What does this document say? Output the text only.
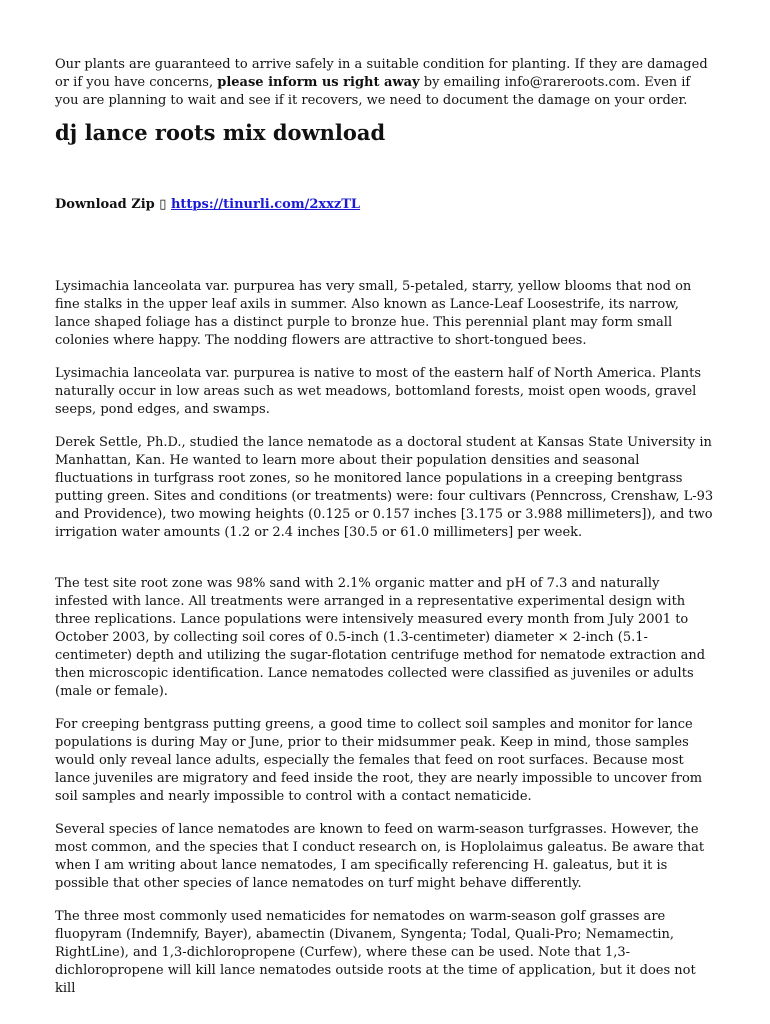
Our plants are guaranteed to arrive safely in a suitable condition for planting. If they are damaged or if you have concerns, please inform us right away by emailing info@rareroots.com. Even if you are planning to wait and see if it recovers, we need to document the damage on your order.

dj lance roots mix download
Download Zip ▯ https://tinurli.com/2xxzTL

Lysimachia lanceolata var. purpurea has very small, 5-petaled, starry, yellow blooms that nod on fine stalks in the upper leaf axils in summer. Also known as Lance-Leaf Loosestrife, its narrow, lance shaped foliage has a distinct purple to bronze hue. This perennial plant may form small colonies where happy. The nodding flowers are attractive to short-tongued bees.

Lysimachia lanceolata var. purpurea is native to most of the eastern half of North America. Plants naturally occur in low areas such as wet meadows, bottomland forests, moist open woods, gravel seeps, pond edges, and swamps.

Derek Settle, Ph.D., studied the lance nematode as a doctoral student at Kansas State University in Manhattan, Kan. He wanted to learn more about their population densities and seasonal fluctuations in turfgrass root zones, so he monitored lance populations in a creeping bentgrass putting green. Sites and conditions (or treatments) were: four cultivars (Penncross, Crenshaw, L-93 and Providence), two mowing heights (0.125 or 0.157 inches [3.175 or 3.988 millimeters]), and two irrigation water amounts (1.2 or 2.4 inches [30.5 or 61.0 millimeters] per week.

The test site root zone was 98% sand with 2.1% organic matter and pH of 7.3 and naturally infested with lance. All treatments were arranged in a representative experimental design with three replications. Lance populations were intensively measured every month from July 2001 to October 2003, by collecting soil cores of 0.5-inch (1.3-centimeter) diameter × 2-inch (5.1-centimeter) depth and utilizing the sugar-flotation centrifuge method for nematode extraction and then microscopic identification. Lance nematodes collected were classified as juveniles or adults (male or female).

For creeping bentgrass putting greens, a good time to collect soil samples and monitor for lance populations is during May or June, prior to their midsummer peak. Keep in mind, those samples would only reveal lance adults, especially the females that feed on root surfaces. Because most lance juveniles are migratory and feed inside the root, they are nearly impossible to uncover from soil samples and nearly impossible to control with a contact nematicide.

Several species of lance nematodes are known to feed on warm-season turfgrasses. However, the most common, and the species that I conduct research on, is Hoplolaimus galeatus. Be aware that when I am writing about lance nematodes, I am specifically referencing H. galeatus, but it is possible that other species of lance nematodes on turf might behave differently.

The three most commonly used nematicides for nematodes on warm-season golf grasses are fluopyram (Indemnify, Bayer), abamectin (Divanem, Syngenta; Todal, Quali-Pro; Nemamectin, RightLine), and 1,3-dichloropropene (Curfew), where these can be used. Note that 1,3-dichloropropene will kill lance nematodes outside roots at the time of application, but it does not kill
